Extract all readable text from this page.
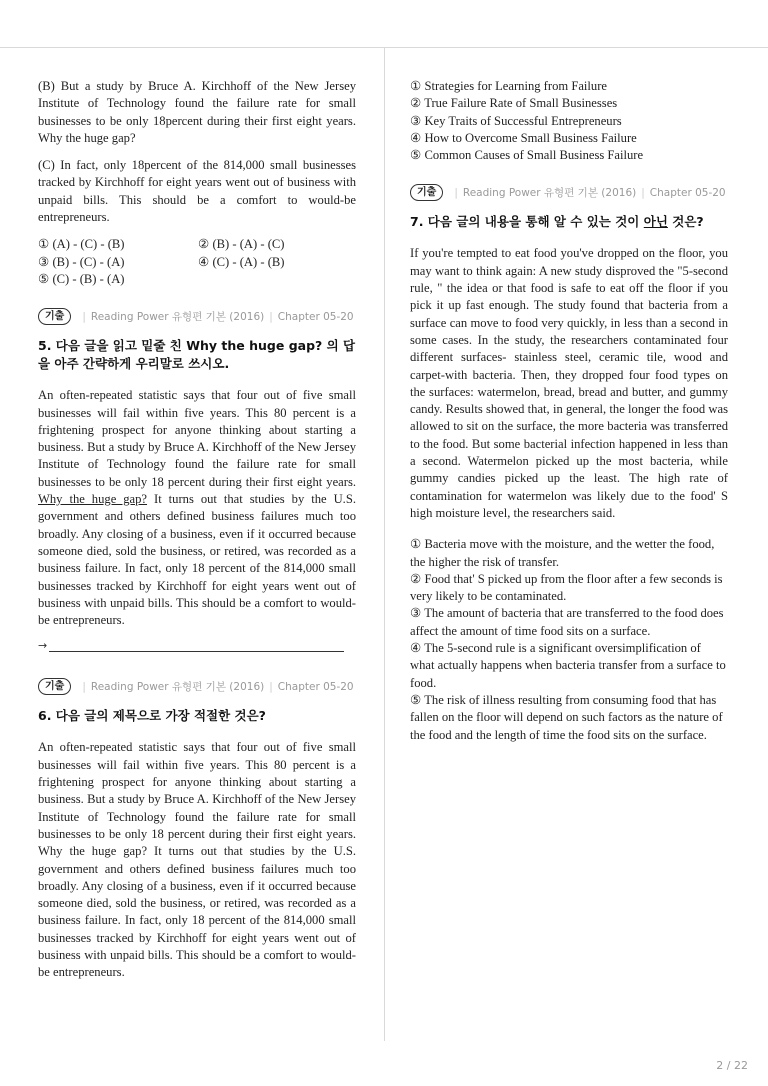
(B) But a study by Bruce A. Kirchhoff of the New Jersey Institute of Technology found the failure rate for small businesses to be only 18percent during their first eight years. Why the huge gap?

(C) In fact, only 18percent of the 814,000 small businesses tracked by Kirchhoff for eight years went out of business with unpaid bills. This should be a comfort to would-be entrepreneurs.

① (A) - (C) - (B)	② (B) - (A) - (C)
③ (B) - (C) - (A)	④ (C) - (A) - (B)
⑤ (C) - (B) - (A)
기출	| Reading Power 유형편 기본 (2016) | Chapter 05-20
5. 다음 글을 읽고 밑줄 친 Why the huge gap? 의 답을 아주 간략하게 우리말로 쓰시오.

An often-repeated statistic says that four out of five small businesses will fail within five years. This 80 percent is a frightening prospect for anyone thinking about starting a business. But a study by Bruce A. Kirchhoff of the New Jersey Institute of Technology found the failure rate for small businesses to be only 18 percent during their first eight years. Why the huge gap? It turns out that studies by the U.S. government and others defined business failures much too broadly. Any closing of a business, even if it occurred because someone died, sold the business, or retired, was recorded as a business failure. In fact, only 18 percent of the 814,000 small businesses tracked by Kirchhoff for eight years went out of business with unpaid bills. This should be a comfort to would-be entrepreneurs.

→
기출	| Reading Power 유형편 기본 (2016) | Chapter 05-20
6. 다음 글의 제목으로 가장 적절한 것은?

An often-repeated statistic says that four out of five small businesses will fail within five years. This 80 percent is a frightening prospect for anyone thinking about starting a business. But a study by Bruce A. Kirchhoff of the New Jersey Institute of Technology found the failure rate for small businesses to be only 18 percent during their first eight years. Why the huge gap? It turns out that studies by the U.S. government and others defined business failures much too broadly. Any closing of a business, even if it occurred because someone died, sold the business, or retired, was recorded as a business failure. In fact, only 18 percent of the 814,000 small businesses tracked by Kirchhoff for eight years went out of business with unpaid bills. This should be a comfort to would-be entrepreneurs.

① Strategies for Learning from Failure
② True Failure Rate of Small Businesses
③ Key Traits of Successful Entrepreneurs
④ How to Overcome Small Business Failure
⑤ Common Causes of Small Business Failure
기출	| Reading Power 유형편 기본 (2016) | Chapter 05-20
7. 다음 글의 내용을 통해 알 수 있는 것이 아닌 것은?

If you're tempted to eat food you've dropped on the floor, you may want to think again: A new study disproved the "5-second rule, " the idea or that food is safe to eat off the floor if you pick it up fast enough. The study found that bacteria from a surface can move to food very quickly, in less than a second in some cases. In the study, the researchers contaminated four different surfaces- stainless steel, ceramic tile, wood and carpet-with bacteria. Then, they dropped four food types on the surfaces: watermelon, bread, bread and butter, and gummy candy. Results showed that, in general, the longer the food was allowed to sit on the surface, the more bacteria was transferred to the food. But some bacterial infection happened in less than a second. Watermelon picked up the most bacteria, while gummy candies picked up the least. The high rate of contamination for watermelon was likely due to the food' S high moisture level, the researchers said.

① Bacteria move with the moisture, and the wetter the food, the higher the risk of transfer.
② Food that' S picked up from the floor after a few seconds is very likely to be contaminated.
③ The amount of bacteria that are transferred to the food does affect the amount of time food sits on a surface.
④ The 5-second rule is a significant oversimplification of what actually happens when bacteria transfer from a surface to food.
⑤ The risk of illness resulting from consuming food that has fallen on the floor will depend on such factors as the nature of the food and the length of time the food sits on the surface.
2 / 22
